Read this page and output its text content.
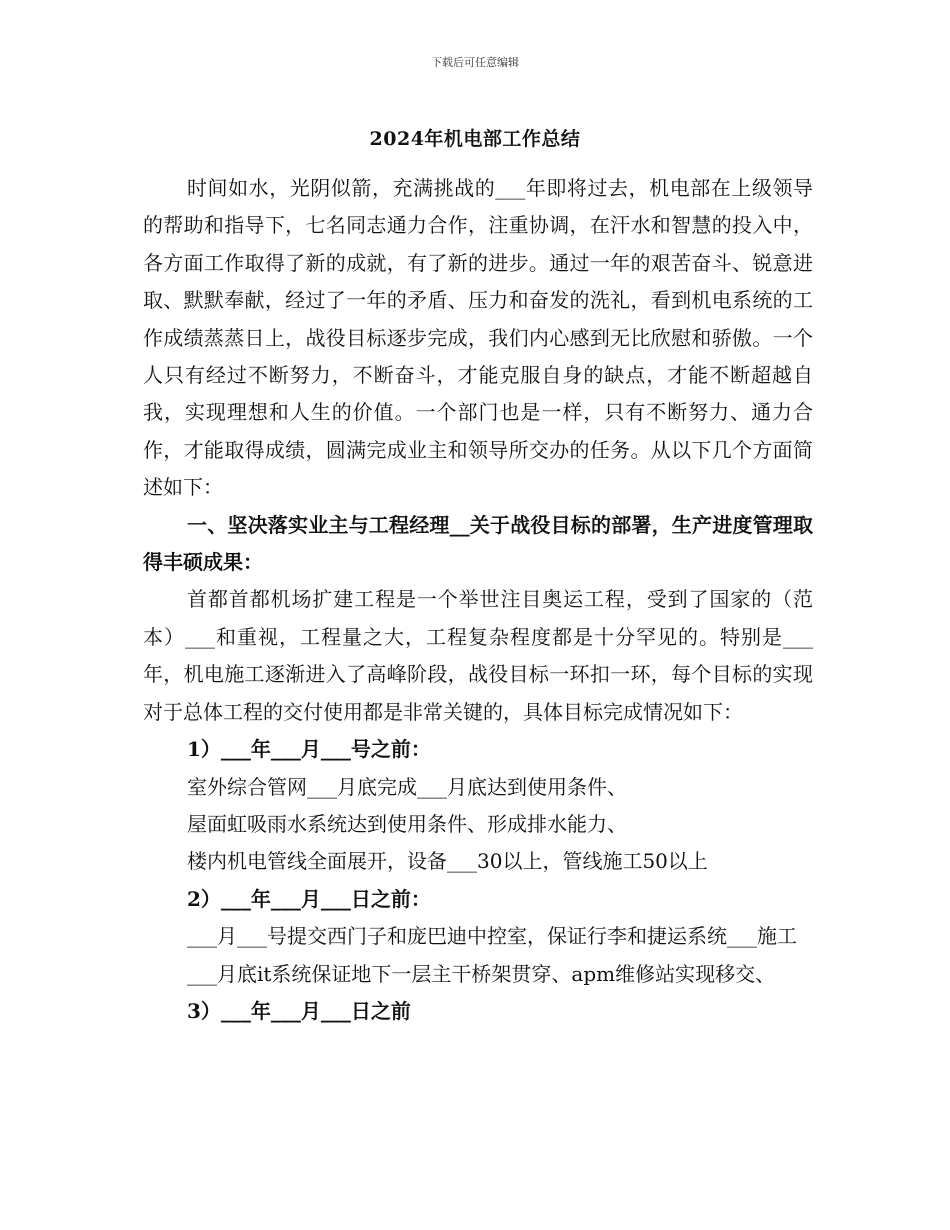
下载后可任意编辑
2024年机电部工作总结

时间如水，光阴似箭，充满挑战的___年即将过去，机电部在上级领导的帮助和指导下，七名同志通力合作，注重协调，在汗水和智慧的投入中，各方面工作取得了新的成就，有了新的进步。通过一年的艰苦奋斗、锐意进取、默默奉献，经过了一年的矛盾、压力和奋发的洗礼，看到机电系统的工作成绩蒸蒸日上，战役目标逐步完成，我们内心感到无比欣慰和骄傲。一个人只有经过不断努力，不断奋斗，才能克服自身的缺点，才能不断超越自我，实现理想和人生的价值。一个部门也是一样，只有不断努力、通力合作，才能取得成绩，圆满完成业主和领导所交办的任务。从以下几个方面简述如下：

一、坚决落实业主与工程经理__关于战役目标的部署，生产进度管理取得丰硕成果：

首都首都机场扩建工程是一个举世注目奥运工程，受到了国家的（范本）___和重视，工程量之大，工程复杂程度都是十分罕见的。特别是___年，机电施工逐渐进入了高峰阶段，战役目标一环扣一环，每个目标的实现对于总体工程的交付使用都是非常关键的，具体目标完成情况如下：

1）___年___月___号之前：

室外综合管网___月底完成___月底达到使用条件、

屋面虹吸雨水系统达到使用条件、形成排水能力、

楼内机电管线全面展开，设备___30以上，管线施工50以上

2）___年___月___日之前：

___月___号提交西门子和庞巴迪中控室，保证行李和捷运系统___施工

___月底it系统保证地下一层主干桥架贯穿、apm维修站实现移交、

3）___年___月___日之前
